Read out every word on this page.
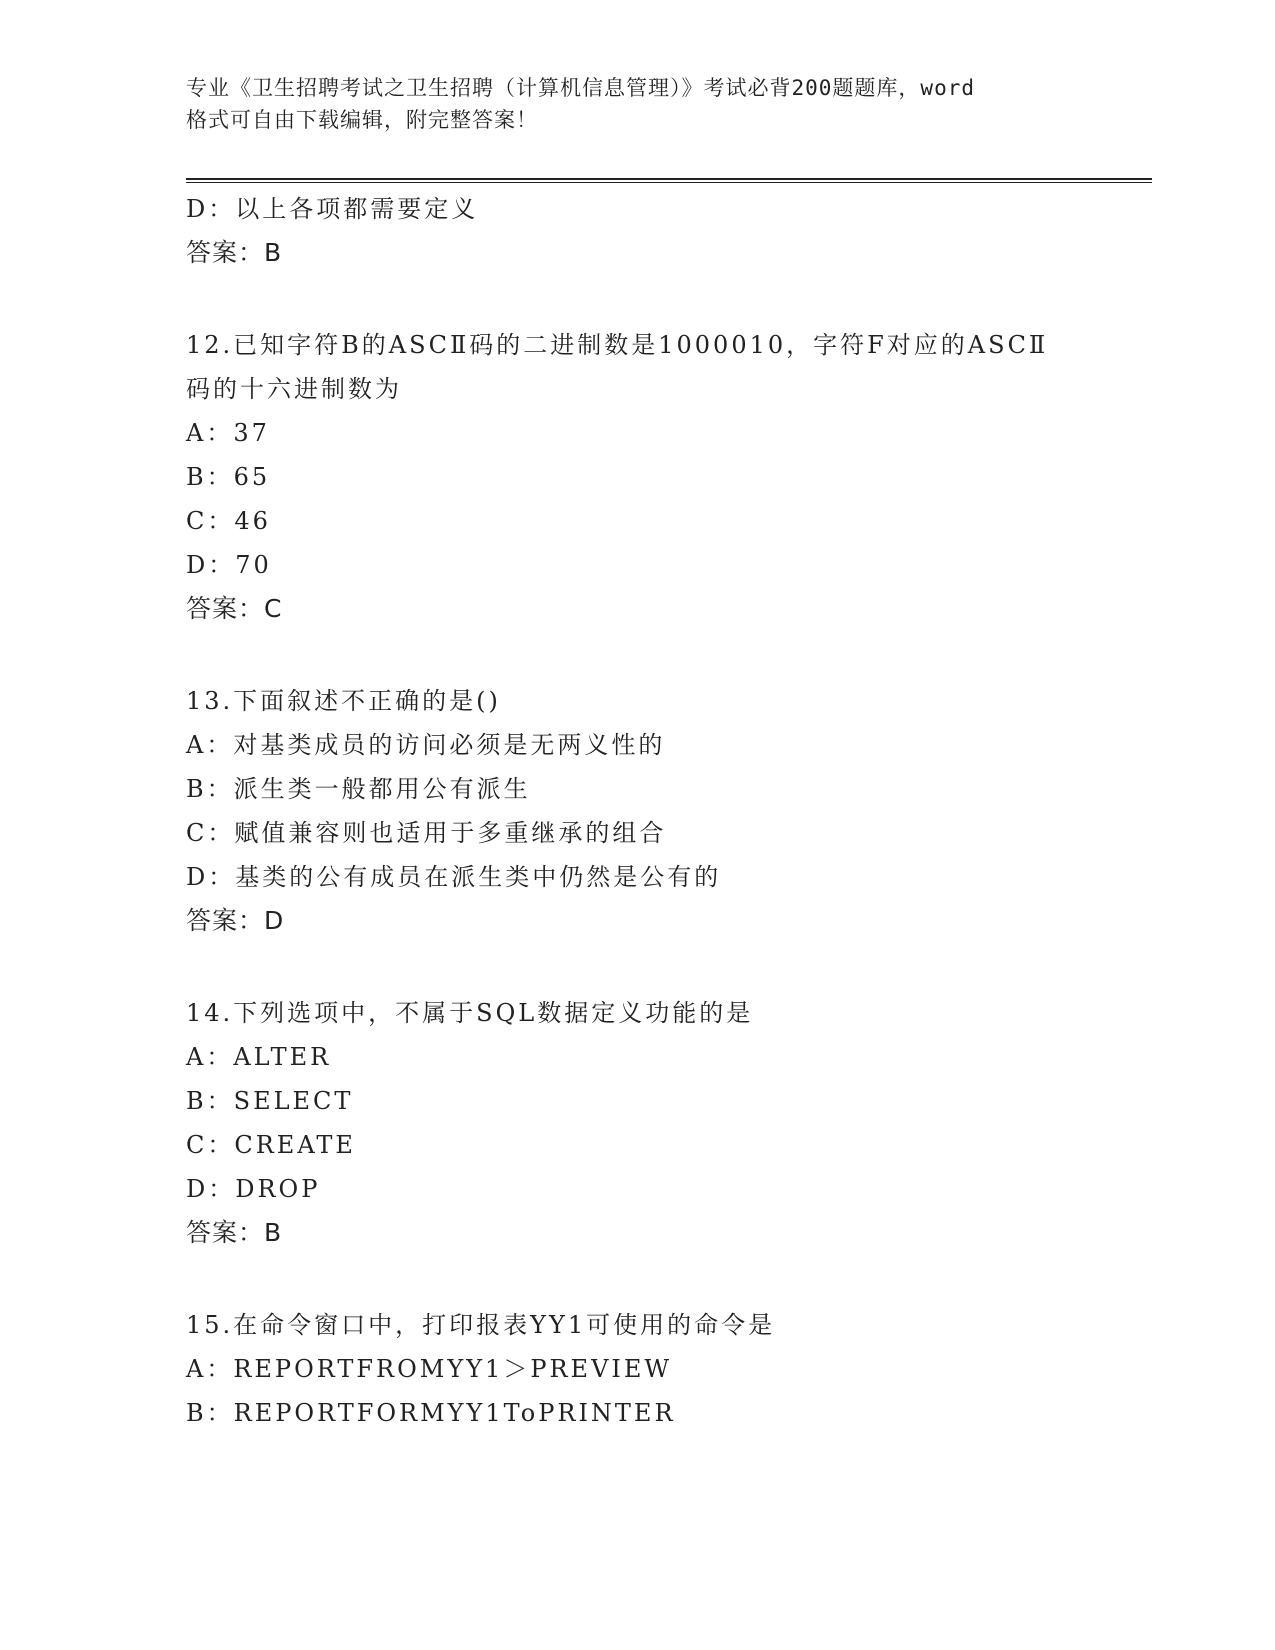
专业《卫生招聘考试之卫生招聘（计算机信息管理）》考试必背200题题库，word
格式可自由下载编辑，附完整答案！
D：以上各项都需要定义
答案：B
12.已知字符B的ASCⅡ码的二进制数是1000010，字符F对应的ASCⅡ
码的十六进制数为
A：37
B：65
C：46
D：70
答案：C
13.下面叙述不正确的是()
A：对基类成员的访问必须是无两义性的
B：派生类一般都用公有派生
C：赋值兼容则也适用于多重继承的组合
D：基类的公有成员在派生类中仍然是公有的
答案：D
14.下列选项中，不属于SQL数据定义功能的是
A：ALTER
B：SELECT
C：CREATE
D：DROP
答案：B
15.在命令窗口中，打印报表YY1可使用的命令是
A：REPORTFROMYY1＞PREVIEW
B：REPORTFORMYY1ToPRINTER
